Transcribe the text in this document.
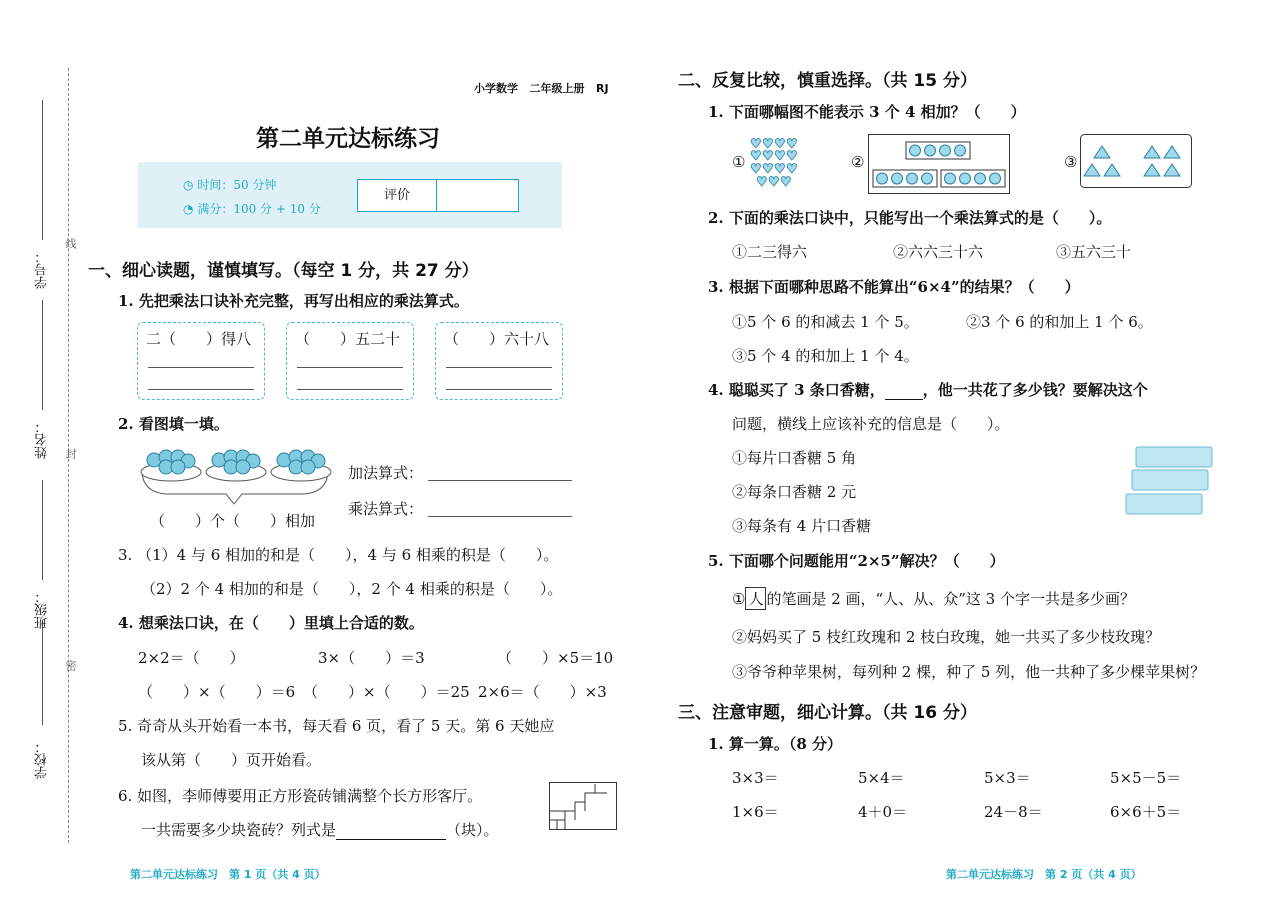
学校：
班级：
姓名：
学号：
线
封
密
小学数学 二年级上册 RJ
第二单元达标练习
◷ 时间：50 分钟
◔ 满分：100 分 + 10 分
评价
一、细心读题，谨慎填写。（每空 1 分，共 27 分）
1. 先把乘法口诀补充完整，再写出相应的乘法算式。
二（　　）得八	（　　）五二十	（　　）六十八
2. 看图填一填。
（　　）个（　　）相加
加法算式：
乘法算式：
3. （1）4 与 6 相加的和是（　　），4 与 6 相乘的积是（　　）。
（2）2 个 4 相加的和是（　　），2 个 4 相乘的积是（　　）。
4. 想乘法口诀，在（　　）里填上合适的数。
2×2＝（　　）	3×（　　）＝3	（　　）×5＝10
（　　）×（　　）＝6 （　　）×（　　）＝25 2×6＝（　　）×3
5. 奇奇从头开始看一本书，每天看 6 页，看了 5 天。第 6 天她应
该从第（　　）页开始看。
6. 如图，李师傅要用正方形瓷砖铺满整个长方形客厅。
一共需要多少块瓷砖？列式是	（块）。
第二单元达标练习　第 1 页（共 4 页）
二、反复比较，慎重选择。（共 15 分）
1. 下面哪幅图不能表示 3 个 4 相加？（　　）
①
♥ ♥ ♥ ♥
♥ ♥ ♥ ♥
♥ ♥ ♥ ♥
♥ ♥ ♥
②	③
2. 下面的乘法口诀中，只能写出一个乘法算式的是（　　）。
①二三得六	②六六三十六	③五六三十
3. 根据下面哪种思路不能算出“6×4”的结果？（　　）
①5 个 6 的和减去 1 个 5。	②3 个 6 的和加上 1 个 6。
③5 个 4 的和加上 1 个 4。
4. 聪聪买了 3 条口香糖，	，他一共花了多少钱？要解决这个
问题，横线上应该补充的信息是（　　）。
①每片口香糖 5 角
②每条口香糖 2 元
③每条有 4 片口香糖
5. 下面哪个问题能用“2×5”解决？（　　）
① 人 的笔画是 2 画，“人、从、众”这 3 个字一共是多少画？
②妈妈买了 5 枝红玫瑰和 2 枝白玫瑰，她一共买了多少枝玫瑰？
③爷爷种苹果树，每列种 2 棵，种了 5 列，他一共种了多少棵苹果树？
三、注意审题，细心计算。（共 16 分）
1. 算一算。（8 分）
3×3＝	5×4＝	5×3＝	5×5－5＝
1×6＝	4＋0＝	24－8＝	6×6＋5＝
第二单元达标练习　第 2 页（共 4 页）
